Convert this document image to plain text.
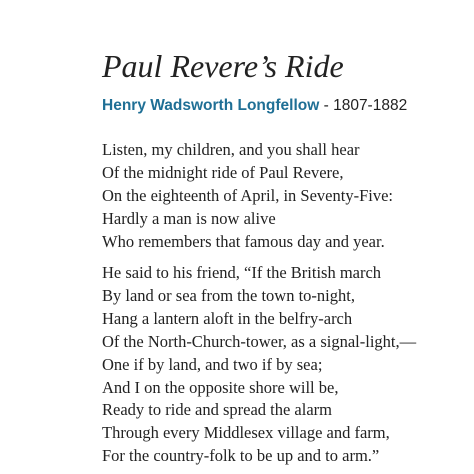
Paul Revere’s Ride

Henry Wadsworth Longfellow - 1807-1882

Listen, my children, and you shall hear
Of the midnight ride of Paul Revere,
On the eighteenth of April, in Seventy-Five:
Hardly a man is now alive
Who remembers that famous day and year.
He said to his friend, “If the British march
By land or sea from the town to-night,
Hang a lantern aloft in the belfry-arch
Of the North-Church-tower, as a signal-light,—
One if by land, and two if by sea;
And I on the opposite shore will be,
Ready to ride and spread the alarm
Through every Middlesex village and farm,
For the country-folk to be up and to arm.”
